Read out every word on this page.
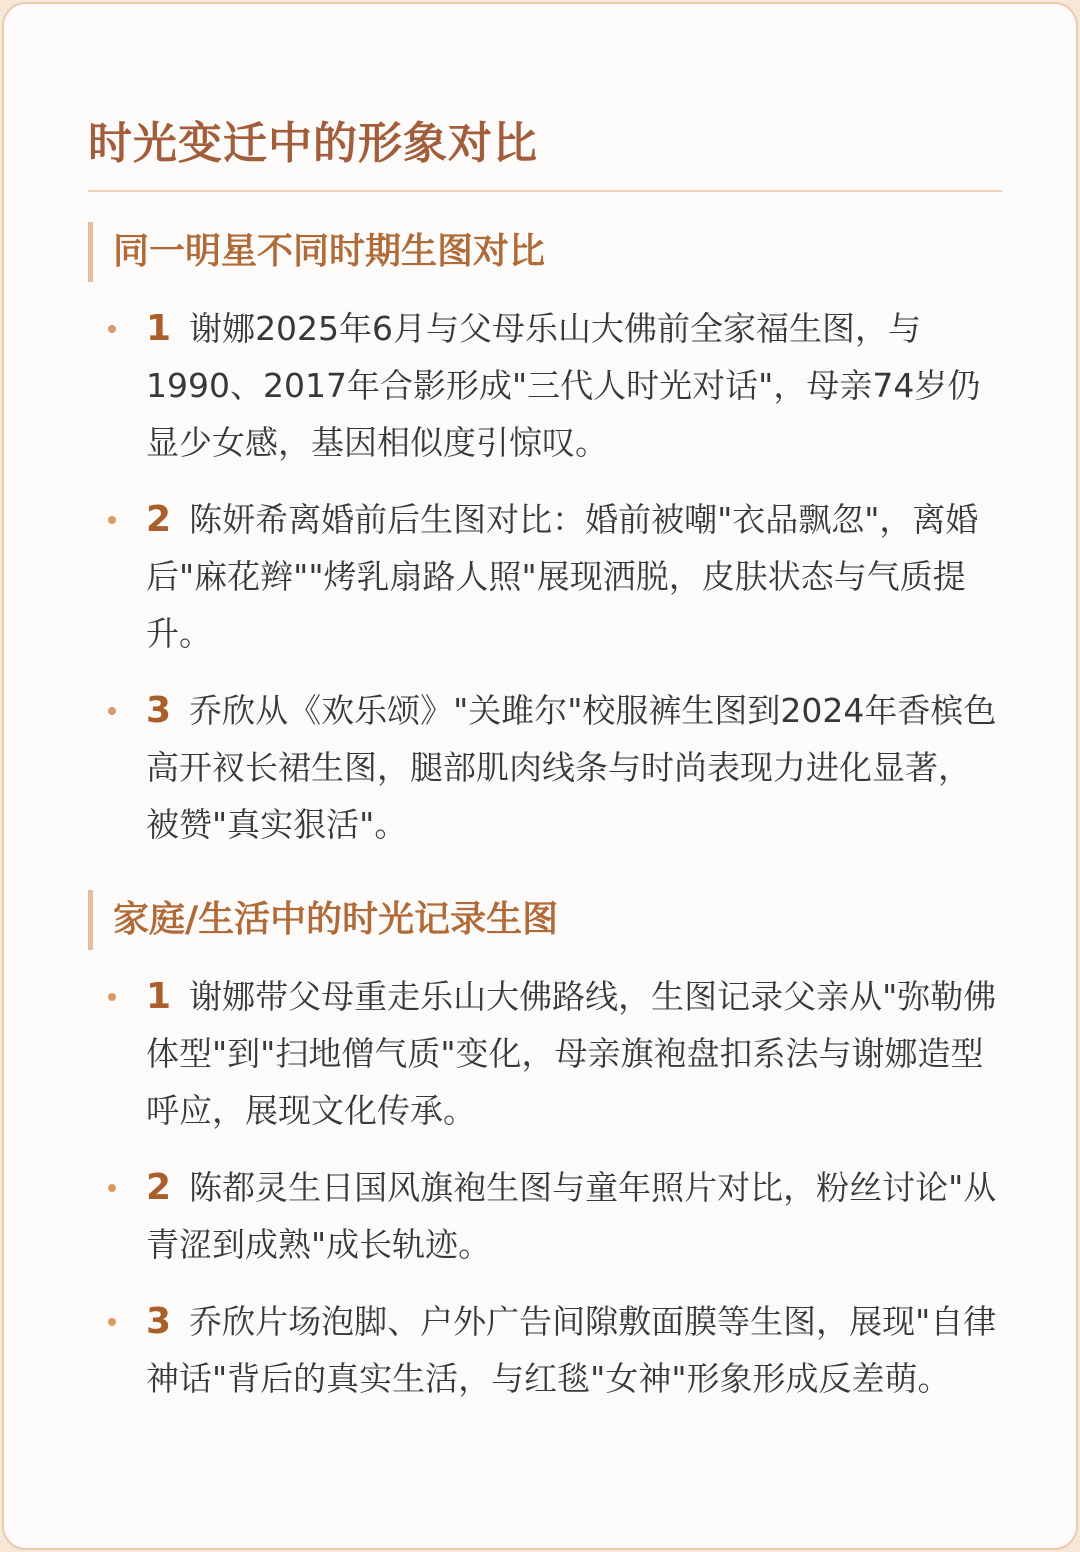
时光变迁中的形象对比
同一明星不同时期生图对比
1 谢娜2025年6月与父母乐山大佛前全家福生图，与1990、2017年合影形成"三代人时光对话"，母亲74岁仍显少女感，基因相似度引惊叹。
2 陈妍希离婚前后生图对比：婚前被嘲"衣品飘忽"，离婚后"麻花辫""烤乳扇路人照"展现洒脱，皮肤状态与气质提升。
3 乔欣从《欢乐颂》"关雎尔"校服裤生图到2024年香槟色高开衩长裙生图，腿部肌肉线条与时尚表现力进化显著，被赞"真实狠活"。
家庭/生活中的时光记录生图
1 谢娜带父母重走乐山大佛路线，生图记录父亲从"弥勒佛体型"到"扫地僧气质"变化，母亲旗袍盘扣系法与谢娜造型呼应，展现文化传承。
2 陈都灵生日国风旗袍生图与童年照片对比，粉丝讨论"从青涩到成熟"成长轨迹。
3 乔欣片场泡脚、户外广告间隙敷面膜等生图，展现"自律神话"背后的真实生活，与红毯"女神"形象形成反差萌。
